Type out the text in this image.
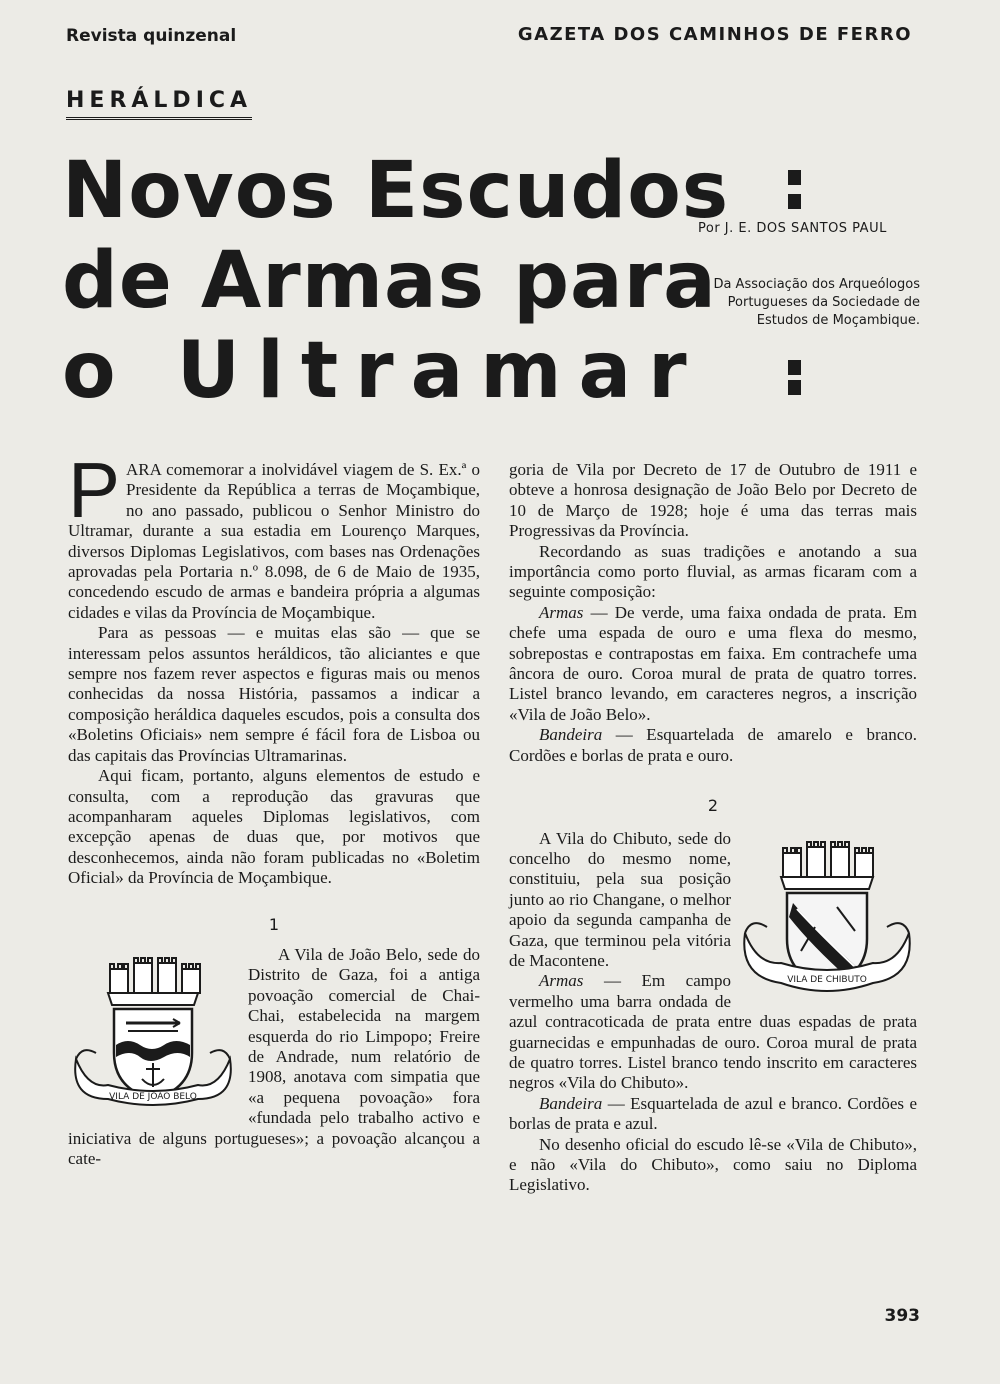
Revista quinzenal	GAZETA DOS CAMINHOS DE FERRO
HERÁLDICA
Novos Escudos
de Armas para
o Ultramar
Por J. E. DOS SANTOS PAUL
Da Associação dos Arqueólogos
Portugueses da Sociedade de
Estudos de Moçambique.

PARA comemorar a inolvidável viagem de S. Ex.ª o Presidente da República a terras de Moçambique, no ano passado, publicou o Senhor Ministro do Ultramar, durante a sua estadia em Lourenço Marques, diversos Diplomas Legislativos, com bases nas Ordenações aprovadas pela Portaria n.º 8.098, de 6 de Maio de 1935, concedendo escudo de armas e bandeira própria a algumas cidades e vilas da Província de Moçambique.

Para as pessoas — e muitas elas são — que se interessam pelos assuntos heráldicos, tão aliciantes e que sempre nos fazem rever aspectos e figuras mais ou menos conhecidas da nossa História, passamos a indicar a composição heráldica daqueles escudos, pois a consulta dos «Boletins Oficiais» nem sempre é fácil fora de Lisboa ou das capitais das Províncias Ultramarinas.

Aqui ficam, portanto, alguns elementos de estudo e consulta, com a reprodução das gravuras que acompanharam aqueles Diplomas legislativos, com excepção apenas de duas que, por motivos que desconhecemos, ainda não foram publicadas no «Boletim Oficial» da Província de Moçambique.

1

VILA DE JOÃO BELO

A Vila de João Belo, sede do Distrito de Gaza, foi a antiga povoação comercial de Chai-Chai, estabelecida na margem esquerda do rio Limpopo; Freire de Andrade, num relatório de 1908, anotava com simpatia que «a pequena povoação» fora «fundada pelo trabalho activo e iniciativa de alguns portugueses»; a povoação alcançou a cate-

goria de Vila por Decreto de 17 de Outubro de 1911 e obteve a honrosa designação de João Belo por Decreto de 10 de Março de 1928; hoje é uma das terras mais Progressivas da Província.

Recordando as suas tradições e anotando a sua importância como porto fluvial, as armas ficaram com a seguinte composição:

Armas — De verde, uma faixa ondada de prata. Em chefe uma espada de ouro e uma flexa do mesmo, sobrepostas e contrapostas em faixa. Em contrachefe uma âncora de ouro. Coroa mural de prata de quatro torres. Listel branco levando, em caracteres negros, a inscrição «Vila de João Belo».

Bandeira — Esquartelada de amarelo e branco. Cordões e borlas de prata e ouro.

2

VILA DE CHIBUTO

A Vila do Chibuto, sede do concelho do mesmo nome, constituiu, pela sua posição junto ao rio Changane, o melhor apoio da segunda campanha de Gaza, que terminou pela vitória de Macontene.

Armas — Em campo vermelho uma barra ondada de azul contracoticada de prata entre duas espadas de prata guarnecidas e empunhadas de ouro. Coroa mural de prata de quatro torres. Listel branco tendo inscrito em caracteres negros «Vila do Chibuto».

Bandeira — Esquartelada de azul e branco. Cordões e borlas de prata e azul.

No desenho oficial do escudo lê-se «Vila de Chibuto», e não «Vila do Chibuto», como saiu no Diploma Legislativo.

393
